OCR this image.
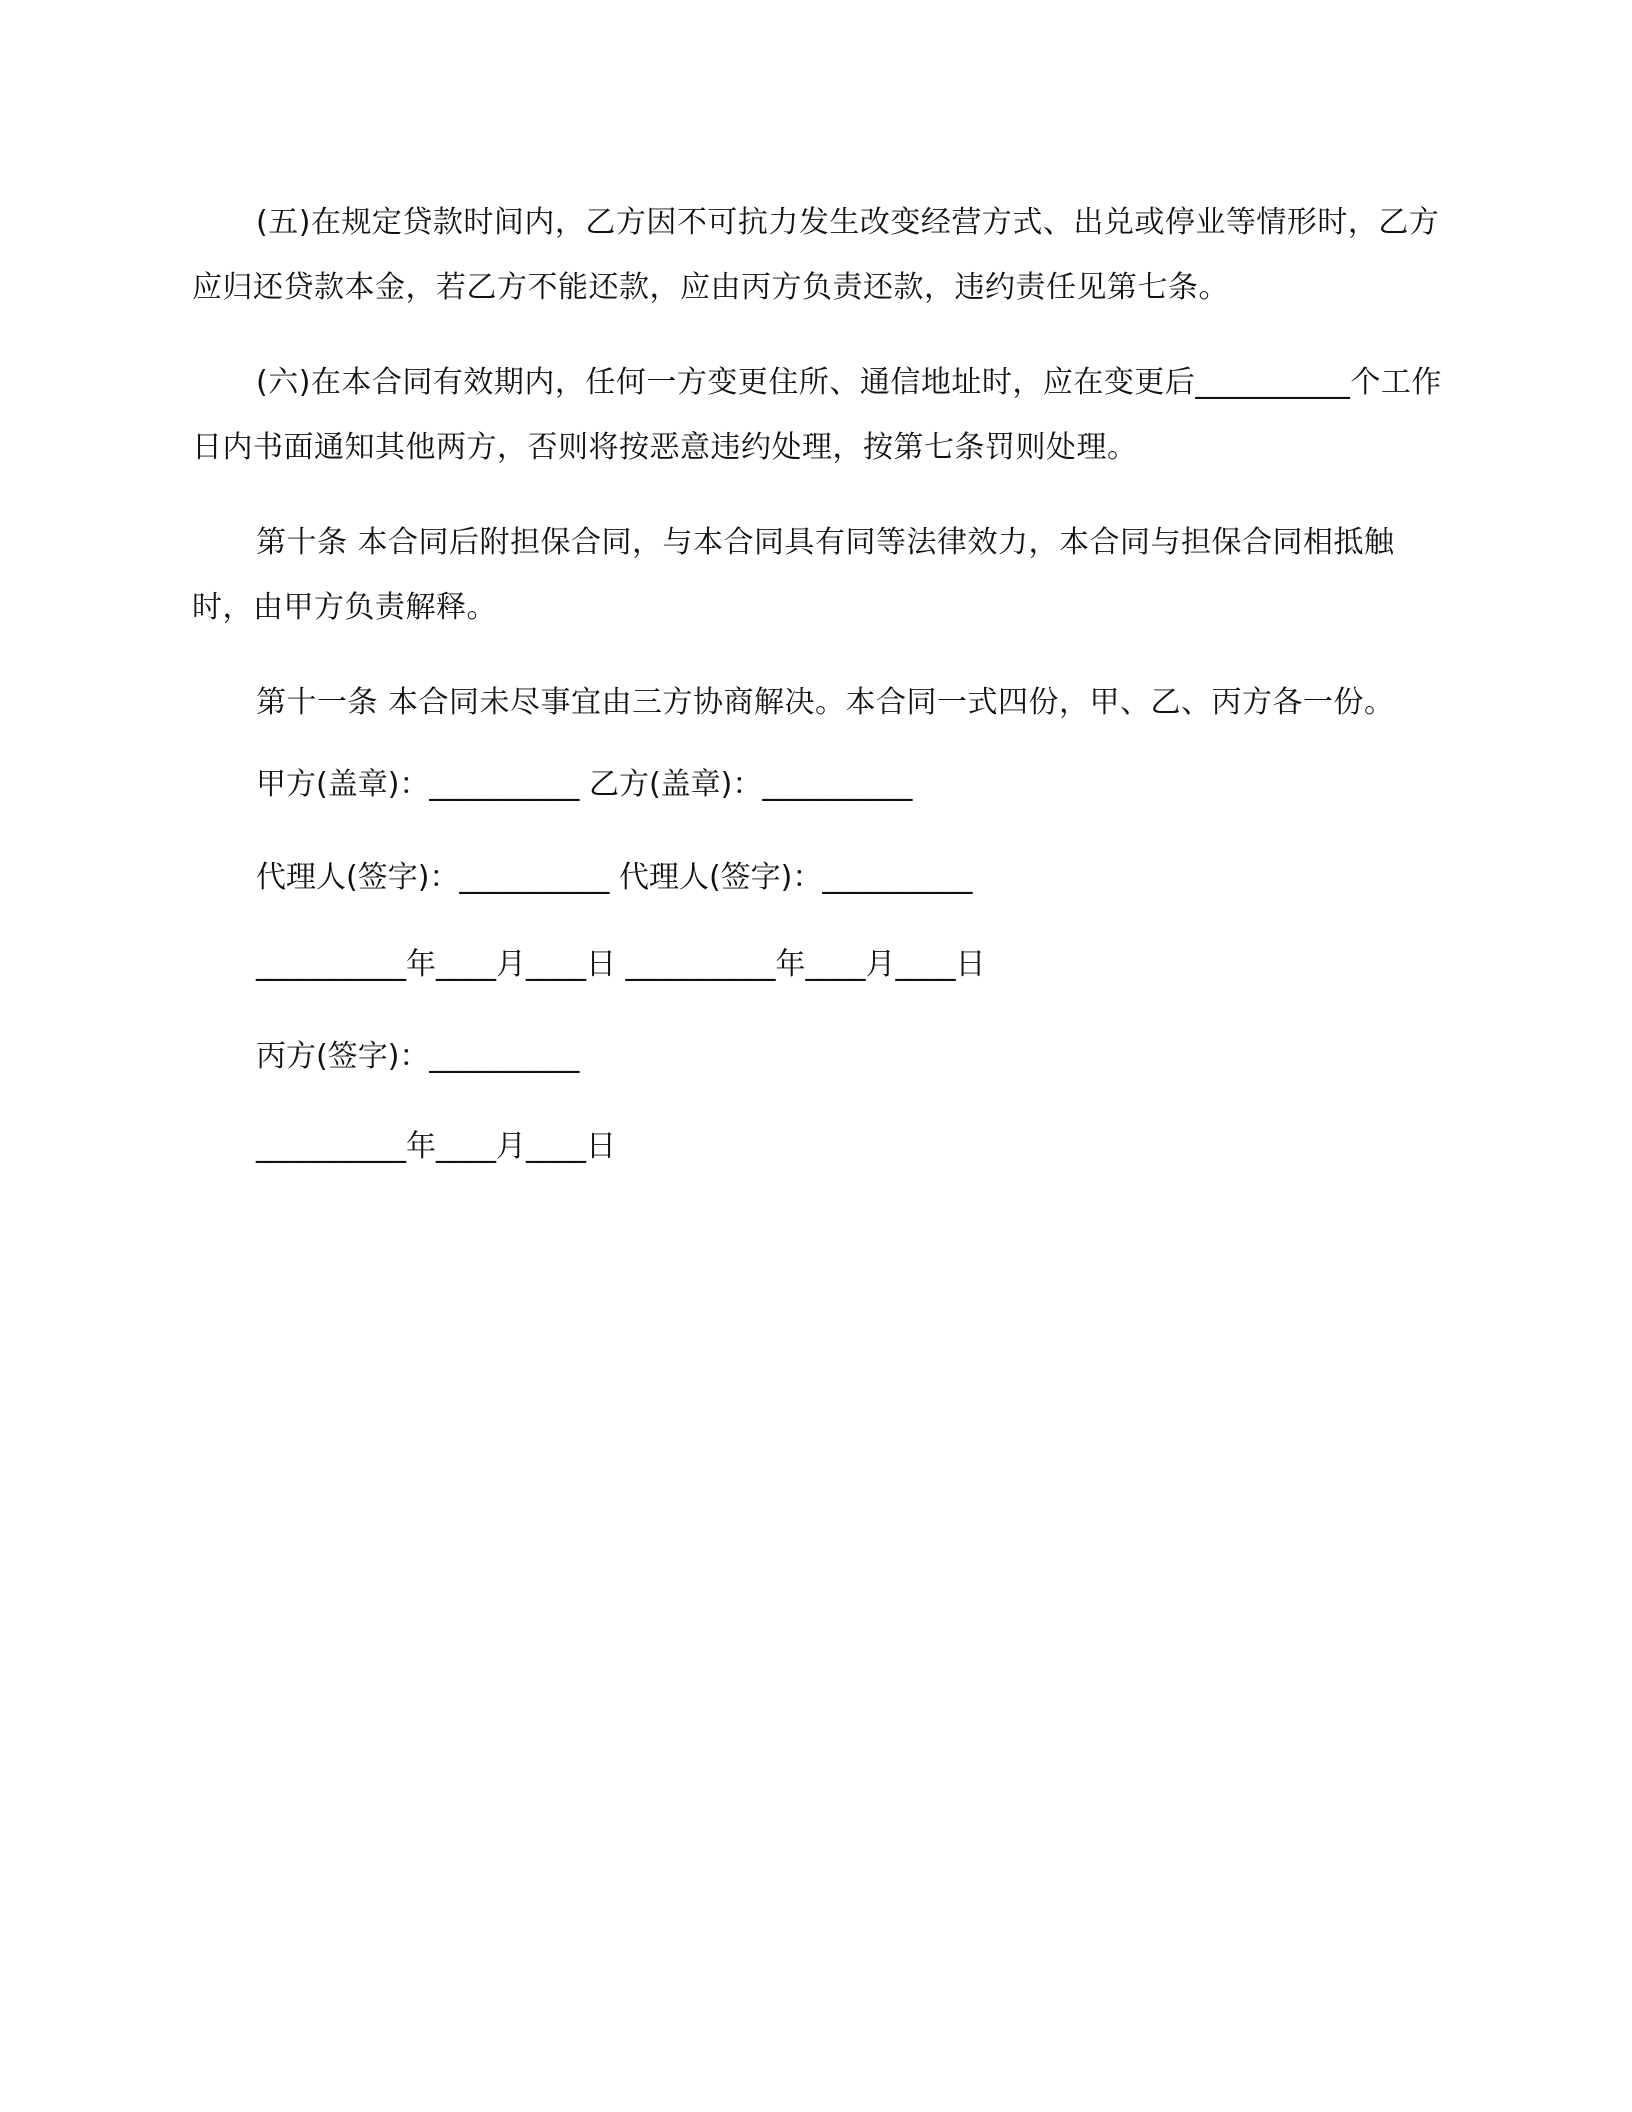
(五)在规定贷款时间内，乙方因不可抗力发生改变经营方式、出兑或停业等情形时，乙方应归还贷款本金，若乙方不能还款，应由丙方负责还款，违约责任见第七条。

(六)在本合同有效期内，任何一方变更住所、通信地址时，应在变更后__________个工作日内书面通知其他两方，否则将按恶意违约处理，按第七条罚则处理。

第十条 本合同后附担保合同，与本合同具有同等法律效力，本合同与担保合同相抵触时，由甲方负责解释。

第十一条 本合同未尽事宜由三方协商解决。本合同一式四份，甲、乙、丙方各一份。

甲方(盖章)：__________ 乙方(盖章)：__________
代理人(签字)：__________ 代理人(签字)：__________
__________年____月____日 __________年____月____日
丙方(签字)：__________
__________年____月____日
